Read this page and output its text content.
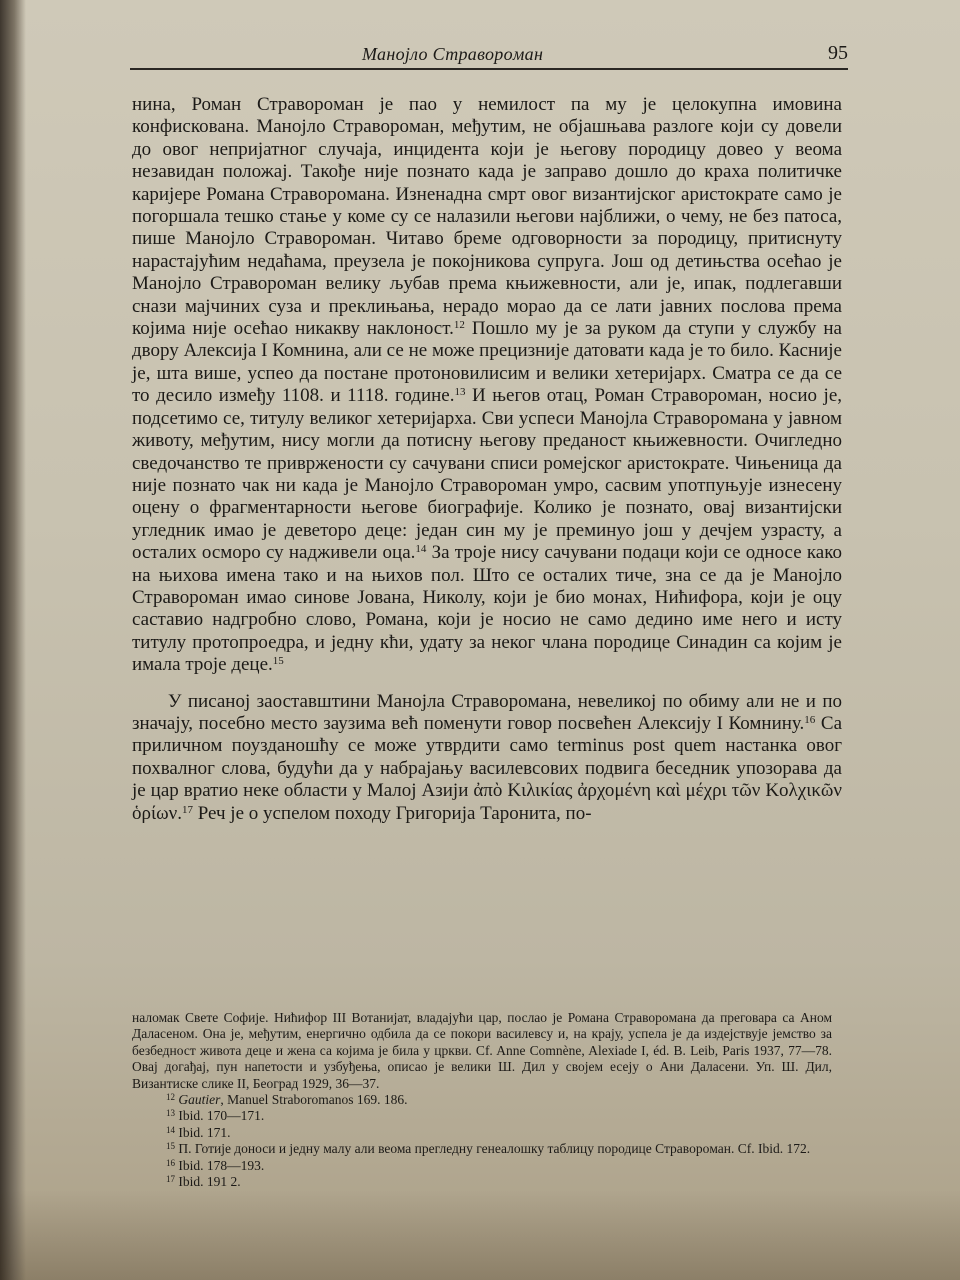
Манојло Страворoман	95

нина, Роман Страворoман је пао у немилост па му је целокупна имовина конфискована. Манојло Страворoман, међутим, не објашњава разлоге који су довели до овог непријатног случаја, инцидента који је његову породицу довео у веома незавидан положај. Такође није познато када је заправо дошло до краха политичке каријере Романа Страворoмана. Изненадна смрт овог византијског аристократе само је погоршала тешко стање у коме су се налазили његови најближи, о чему, не без патоса, пише Манојло Страворoман. Читаво бреме одговорности за породицу, притиснуту нарастајућим недаћама, преузела је покојникова супруга. Још од детињства осећао је Манојло Страворoман велику љубав према књижевности, али је, ипак, подлегавши снази мајчиних суза и преклињања, нерадо морао да се лати јавних послова према којима није осећао никакву наклоност.$^{12}$ Пошло му је за руком да ступи у службу на двору Алексија I Комнина, али се не може прецизније датовати када је то било. Касније је, шта више, успео да постане протоновилисим и велики хетеријарх. Сматра се да се то десило између 1108. и 1118. године.$^{13}$ И његов отац, Роман Страворoман, носио је, подсетимо се, титулу великог хетеријарха. Сви успеси Манојла Страворoмана у јавном животу, међутим, нису могли да потисну његову преданост књижевности. Очигледно сведочанство те привржености су сачувани списи ромејског аристократе. Чињеница да није познато чак ни када је Манојло Страворoман умро, сасвим употпуњује изнесену оцену о фрагментарности његове биографије. Колико је познато, овај византијски угледник имао је деветоро деце: један син му је преминуо још у дечјем узрасту, а осталих осморо су надживели оца.$^{14}$ За троје нису сачувани подаци који се односе како на њихова имена тако и на њихов пол. Што се осталих тиче, зна се да је Манојло Страворoман имао синове Јована, Николу, који је био монах, Нићифора, који је оцу саставио надгробно слово, Романа, који је носио не само дедино име него и исту титулу протопроедра, и једну кћи, удату за неког члана породице Синадин са којим је имала троје деце.$^{15}$

У писаној заоставштини Манојла Страворoмана, невеликој по обиму али не и по значају, посебно место заузима већ поменути говор посвећен Алексију I Комнину.$^{16}$ Са приличном поузданошћу се може утврдити само terminus post quem настанка овог похвалног слова, будући да у набрајању василевсових подвига беседник упозорава да је цар вратио неке области у Малој Азији ἀπὸ Κιλικίας ἀρχομένη καὶ μέχρι τῶν Κολχικῶν ὁρίων.$^{17}$ Реч је о успелом походу Григорија Таронита, по-

наломак Свете Софије. Нићифор III Вотанијат, владајући цар, послао је Романа Страворoмана да преговара са Аном Даласеном. Она је, међутим, енергично одбила да се покори василевсу и, на крају, успела је да издејствује јемство за безбедност живота деце и жена са којима је била у цркви. Cf. Anne Comnène, Alexiade I, éd. B. Leib, Paris 1937, 77—78. Овај догађај, пун напетости и узбуђења, описао је велики Ш. Дил у својем есеју о Ани Даласени. Уп. Ш. Дил, Византиске слике II, Београд 1929, 36—37.

$^{12}$ Gautier, Manuel Straboromanos 169. 186.

$^{13}$ Ibid. 170—171.

$^{14}$ Ibid. 171.

$^{15}$ П. Готије доноси и једну малу али веома прегледну генеалошку таблицу породице Страворoман. Cf. Ibid. 172.

$^{16}$ Ibid. 178—193.

$^{17}$ Ibid. 191 2.
